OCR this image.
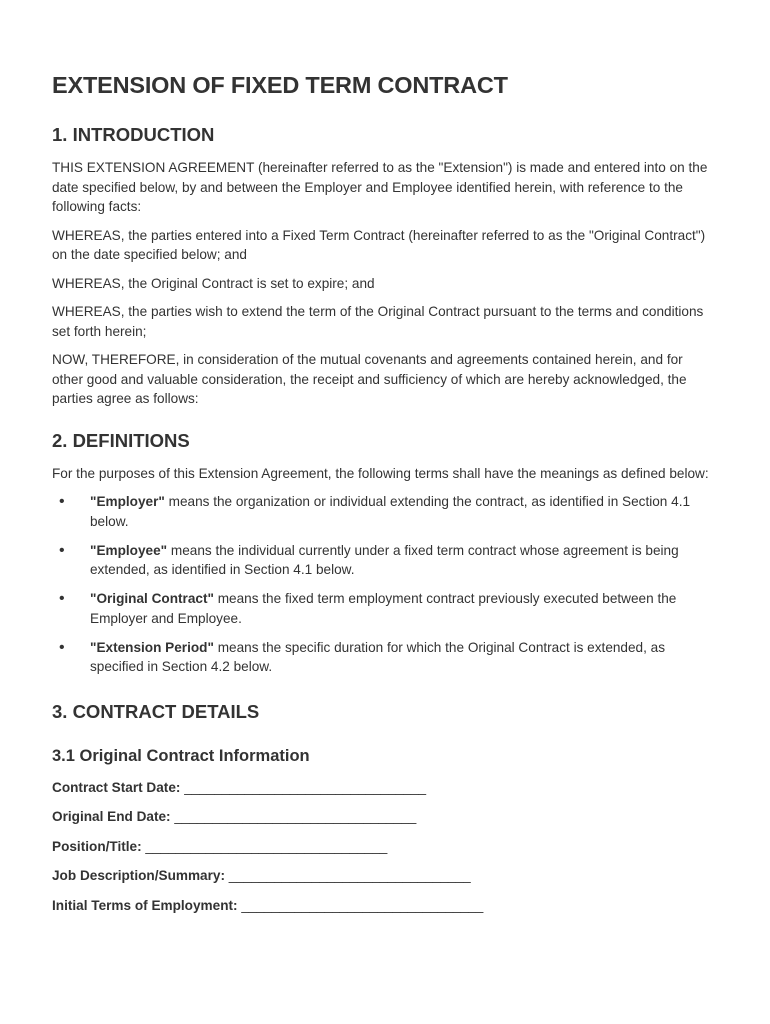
EXTENSION OF FIXED TERM CONTRACT
1. INTRODUCTION

THIS EXTENSION AGREEMENT (hereinafter referred to as the "Extension") is made and entered into on the date specified below, by and between the Employer and Employee identified herein, with reference to the following facts:

WHEREAS, the parties entered into a Fixed Term Contract (hereinafter referred to as the "Original Contract") on the date specified below; and

WHEREAS, the Original Contract is set to expire; and

WHEREAS, the parties wish to extend the term of the Original Contract pursuant to the terms and conditions set forth herein;

NOW, THEREFORE, in consideration of the mutual covenants and agreements contained herein, and for other good and valuable consideration, the receipt and sufficiency of which are hereby acknowledged, the parties agree as follows:

2. DEFINITIONS

For the purposes of this Extension Agreement, the following terms shall have the meanings as defined below:

• "Employer" means the organization or individual extending the contract, as identified in Section 4.1 below.
• "Employee" means the individual currently under a fixed term contract whose agreement is being extended, as identified in Section 4.1 below.
• "Original Contract" means the fixed term employment contract previously executed between the Employer and Employee.
• "Extension Period" means the specific duration for which the Original Contract is extended, as specified in Section 4.2 below.
3. CONTRACT DETAILS
3.1 Original Contract Information
Contract Start Date: ________________________________
Original End Date: ________________________________
Position/Title: ________________________________
Job Description/Summary: ________________________________
Initial Terms of Employment: ________________________________
